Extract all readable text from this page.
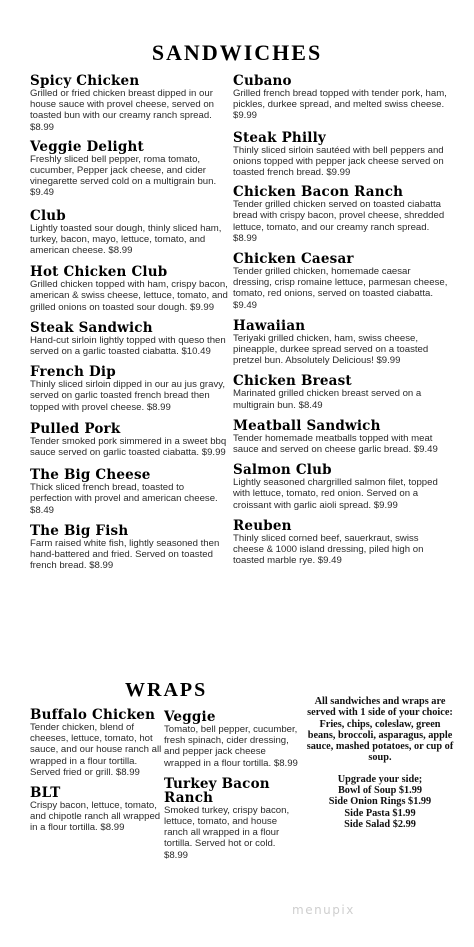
SANDWICHES
Spicy Chicken
Grilled or fried chicken breast dipped in our house sauce with provel cheese, served on toasted bun with our creamy ranch spread. $8.99
Veggie Delight
Freshly sliced bell pepper, roma tomato, cucumber, Pepper jack cheese, and cider vinegarette served cold on a multigrain bun. $9.49
Club
Lightly toasted sour dough, thinly sliced ham, turkey, bacon, mayo, lettuce, tomato, and american cheese. $8.99
Hot Chicken Club
Grilled chicken topped with ham, crispy bacon, american & swiss cheese, lettuce, tomato, and grilled onions on toasted sour dough. $9.99
Steak Sandwich
Hand-cut sirloin lightly topped with queso then served on a garlic toasted ciabatta. $10.49
French Dip
Thinly sliced sirloin dipped in our au jus gravy, served on garlic toasted french bread then topped with provel cheese. $8.99
Pulled Pork
Tender smoked pork simmered in a sweet bbq sauce served on garlic toasted ciabatta. $9.99
The Big Cheese
Thick sliced french bread, toasted to perfection with provel and american cheese. $8.49
The Big Fish
Farm raised white fish, lightly seasoned then hand-battered and fried. Served on toasted french bread. $8.99
Cubano
Grilled french bread topped with tender pork, ham, pickles, durkee spread, and melted swiss cheese. $9.99
Steak Philly
Thinly sliced sirloin sautéed with bell peppers and onions topped with pepper jack cheese served on toasted french bread. $9.99
Chicken Bacon Ranch
Tender grilled chicken served on toasted ciabatta bread with crispy bacon, provel cheese, shredded lettuce, tomato, and our creamy ranch spread. $8.99
Chicken Caesar
Tender grilled chicken, homemade caesar dressing, crisp romaine lettuce, parmesan cheese, tomato, red onions, served on toasted ciabatta. $9.49
Hawaiian
Teriyaki grilled chicken, ham, swiss cheese, pineapple, durkee spread served on a toasted pretzel bun. Absolutely Delicious! $9.99
Chicken Breast
Marinated grilled chicken breast served on a multigrain bun. $8.49
Meatball Sandwich
Tender homemade meatballs topped with meat sauce and served on cheese garlic bread. $9.49
Salmon Club
Lightly seasoned chargrilled salmon filet, topped with lettuce, tomato, red onion. Served on a croissant with garlic aioli spread. $9.99
Reuben
Thinly sliced corned beef, sauerkraut, swiss cheese & 1000 island dressing, piled high on toasted marble rye. $9.49
WRAPS
Buffalo Chicken
Tender chicken, blend of cheeses, lettuce, tomato, hot sauce, and our house ranch all wrapped in a flour tortilla. Served fried or grill. $8.99
BLT
Crispy bacon, lettuce, tomato, and chipotle ranch all wrapped in a flour tortilla. $8.99
Veggie
Tomato, bell pepper, cucumber, fresh spinach, cider dressing, and pepper jack cheese wrapped in a flour tortilla. $8.99
Turkey Bacon Ranch
Smoked turkey, crispy bacon, lettuce, tomato, and house ranch all wrapped in a flour tortilla. Served hot or cold. $8.99
All sandwiches and wraps are served with 1 side of your choice:
Fries, chips, coleslaw, green beans, broccoli, asparagus, apple sauce, mashed potatoes, or cup of soup.
Upgrade your side;
Bowl of Soup $1.99
Side Onion Rings $1.99
Side Pasta $1.99
Side Salad $2.99
menupix
